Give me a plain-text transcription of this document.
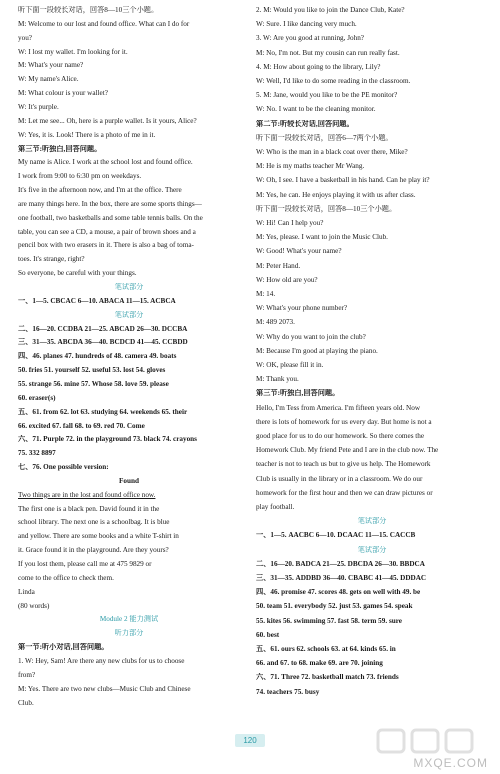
听下面一段较长对话，回答8—10三个小题。
M: Welcome to our lost and found office. What can I do for
you?
W: I lost my wallet. I'm looking for it.
M: What's your name?
W: My name's Alice.
M: What colour is your wallet?
W: It's purple.
M: Let me see... Oh, here is a purple wallet. Is it yours, Alice?
W: Yes, it is. Look! There is a photo of me in it.
第三节:听独白,回答问题。
My name is Alice. I work at the school lost and found office.
I work from 9:00 to 6:30 pm on weekdays.
It's five in the afternoon now, and I'm at the office. There
are many things here. In the box, there are some sports things—
one football, two basketballs and some table tennis balls. On the
table, you can see a CD, a mouse, a pair of brown shoes and a
pencil box with two erasers in it. There is also a bag of toma-
toes. It's strange, right?
So everyone, be careful with your things.
笔试部分
一、1—5. CBCAC 6—10. ABACA 11—15. ACBCA
笔试部分
二、16—20. CCDBA 21—25. ABCAD 26—30. DCCBA
三、31—35. ABCDA 36—40. BCDCD 41—45. CCBDD
四、46. planes 47. hundreds of 48. camera 49. boats
50. fries 51. yourself 52. useful 53. lost 54. gloves
55. strange 56. mine 57. Whose 58. love 59. please
60. eraser(s)
五、61. from 62. lot 63. studying 64. weekends 65. their
66. excited 67. fall 68. to 69. red 70. Come
六、71. Purple 72. in the playground 73. black 74. crayons
75. 332 8897
七、76. One possible version:
Found
Two things are in the lost and found office now.
The first one is a black pen. David found it in the
school library. The next one is a schoolbag. It is blue
and yellow. There are some books and a white T-shirt in
it. Grace found it in the playground. Are they yours?
If you lost them, please call me at 475 9829 or
come to the office to check them.
Linda
(80 words)
Module 2 能力测试
听力部分
第一节:听小对话,回答问题。
1. W: Hey, Sam! Are there any new clubs for us to choose
from?
M: Yes. There are two new clubs—Music Club and Chinese
Club.
2. M: Would you like to join the Dance Club, Kate?
W: Sure. I like dancing very much.
3. W: Are you good at running, John?
M: No, I'm not. But my cousin can run really fast.
4. M: How about going to the library, Lily?
W: Well, I'd like to do some reading in the classroom.
5. M: Jane, would you like to be the PE monitor?
W: No. I want to be the cleaning monitor.
第二节:听较长对话,回答问题。
听下面一段较长对话，回答6—7两个小题。
W: Who is the man in a black coat over there, Mike?
M: He is my maths teacher Mr Wang.
W: Oh, I see. I have a basketball in his hand. Can he play it?
M: Yes, he can. He enjoys playing it with us after class.
听下面一段较长对话，回答8—10三个小题。
W: Hi! Can I help you?
M: Yes, please. I want to join the Music Club.
W: Good! What's your name?
M: Peter Hand.
W: How old are you?
M: 14.
W: What's your phone number?
M: 489 2073.
W: Why do you want to join the club?
M: Because I'm good at playing the piano.
W: OK, please fill it in.
M: Thank you.
第三节:听独白,回答问题。
Hello, I'm Tess from America. I'm fifteen years old. Now
there is lots of homework for us every day. But home is not a
good place for us to do our homework. So there comes the
Homework Club. My friend Pete and I are in the club now. The
teacher is not to teach us but to give us help. The Homework
Club is usually in the library or in a classroom. We do our
homework for the first hour and then we can draw pictures or
play football.
笔试部分
一、1—5. AACBC 6—10. DCAAC 11—15. CACCB
笔试部分
二、16—20. BADCA 21—25. DBCDA 26—30. BBDCA
三、31—35. ADDBD 36—40. CBABC 41—45. DDDAC
四、46. promise 47. scores 48. gets on well with 49. be
50. team 51. everybody 52. just 53. games 54. speak
55. kites 56. swimming 57. fast 58. term 59. sure
60. best
五、61. ours 62. schools 63. at 64. kinds 65. in
66. and 67. to 68. make 69. are 70. joining
六、71. Three 72. basketball match 73. friends
74. teachers 75. busy
120
MXQE.COM
